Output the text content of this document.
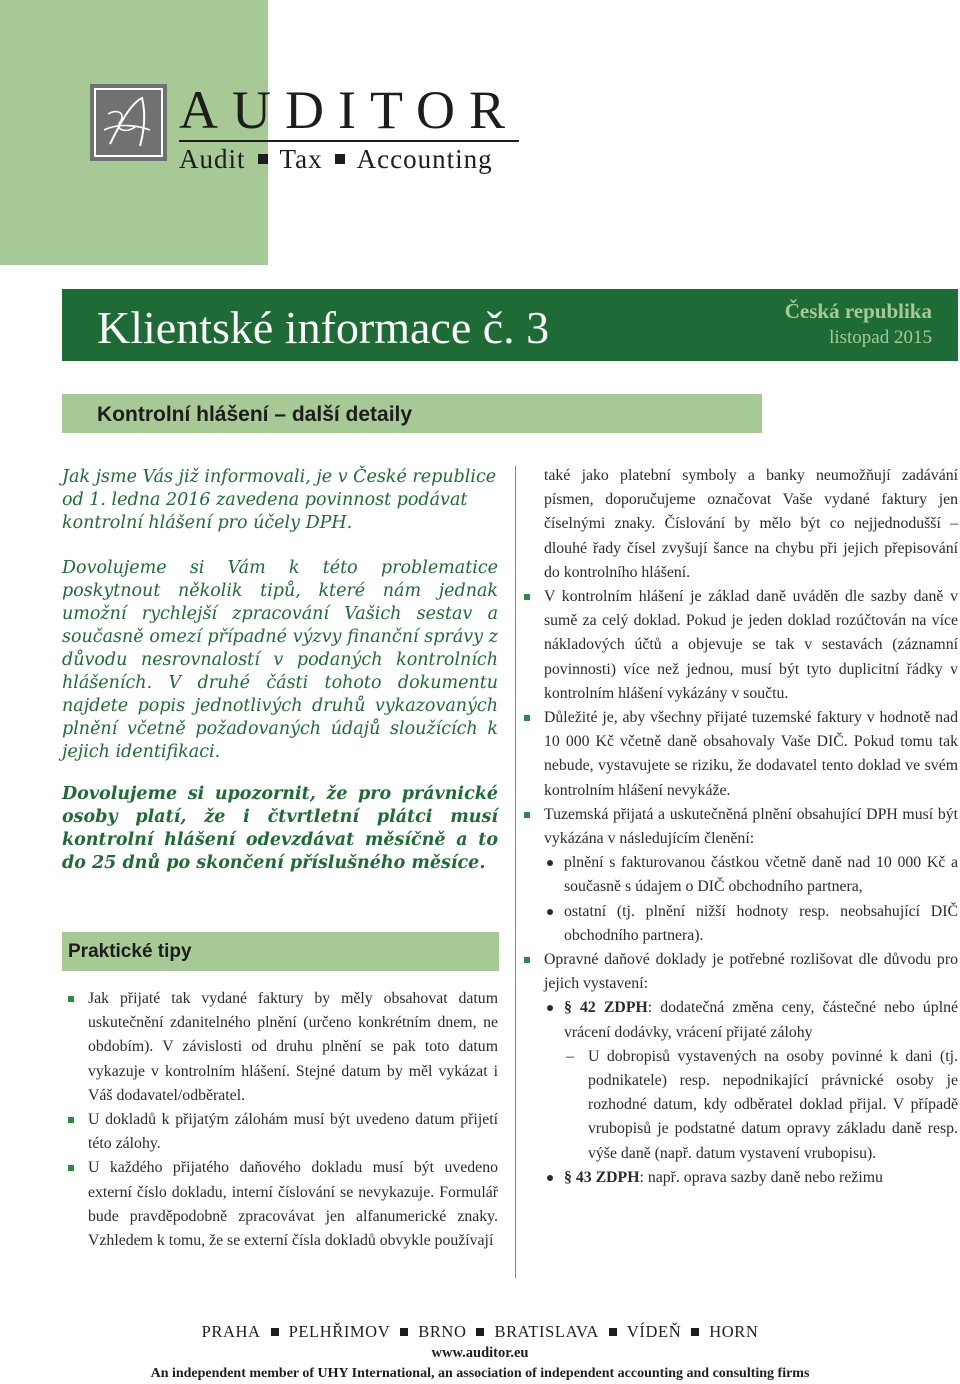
AUDITOR
Audit Tax Accounting
Klientské informace č. 3	Česká republika
listopad 2015
Kontrolní hlášení – další detaily

Jak jsme Vás již informovali, je v České republice od 1. ledna 2016 zavedena povinnost podávat kontrolní hlášení pro účely DPH.

Dovolujeme si Vám k této problematice poskytnout několik tipů, které nám jednak umožní rychlejší zpracování Vašich sestav a současně omezí případné výzvy finanční správy z důvodu nesrovnalostí v podaných kontrolních hlášeních. V druhé části tohoto dokumentu najdete popis jednotlivých druhů vykazovaných plnění včetně požadovaných údajů sloužících k jejich identifikaci.

Dovolujeme si upozornit, že pro právnické osoby platí, že i čtvrtletní plátci musí kontrolní hlášení odevzdávat měsíčně a to do 25 dnů po skončení příslušného měsíce.

Praktické tipy
Jak přijaté tak vydané faktury by měly obsahovat datum uskutečnění zdanitelného plnění (určeno konkrétním dnem, ne obdobím). V závislosti od druhu plnění se pak toto datum vykazuje v kontrolním hlášení. Stejné datum by měl vykázat i Váš dodavatel/odběratel.
U dokladů k přijatým zálohám musí být uvedeno datum přijetí této zálohy.
U každého přijatého daňového dokladu musí být uvedeno externí číslo dokladu, interní číslování se nevykazuje. Formulář bude pravděpodobně zpracovávat jen alfanumerické znaky. Vzhledem k tomu, že se externí čísla dokladů obvykle používají
také jako platební symboly a banky neumožňují zadávání písmen, doporučujeme označovat Vaše vydané faktury jen číselnými znaky. Číslování by mělo být co nejjednodušší – dlouhé řady čísel zvyšují šance na chybu při jejich přepisování do kontrolního hlášení.
V kontrolním hlášení je základ daně uváděn dle sazby daně v sumě za celý doklad. Pokud je jeden doklad rozúčtován na více nákladových účtů a objevuje se tak v sestavách (záznamní povinnosti) více než jednou, musí být tyto duplicitní řádky v kontrolním hlášení vykázány v součtu.
Důležité je, aby všechny přijaté tuzemské faktury v hodnotě nad 10 000 Kč včetně daně obsahovaly Vaše DIČ. Pokud tomu tak nebude, vystavujete se riziku, že dodavatel tento doklad ve svém kontrolním hlášení nevykáže.
Tuzemská přijatá a uskutečněná plnění obsahující DPH musí být vykázána v následujícím členění:
plnění s fakturovanou částkou včetně daně nad 10 000 Kč a současně s údajem o DIČ obchodního partnera,
ostatní (tj. plnění nižší hodnoty resp. neobsahující DIČ obchodního partnera).
Opravné daňové doklady je potřebné rozlišovat dle důvodu pro jejich vystavení:
§ 42 ZDPH: dodatečná změna ceny, částečné nebo úplné vrácení dodávky, vrácení přijaté zálohy
– U dobropisů vystavených na osoby povinné k dani (tj. podnikatele) resp. nepodnikající právnické osoby je rozhodné datum, kdy odběratel doklad přijal. V případě vrubopisů je podstatné datum opravy základu daně resp. výše daně (např. datum vystavení vrubopisu).
§ 43 ZDPH: např. oprava sazby daně nebo režimu
PRAHA PELHŘIMOV BRNO BRATISLAVA VÍDEŇ HORN
www.auditor.eu
An independent member of UHY International, an association of independent accounting and consulting firms
